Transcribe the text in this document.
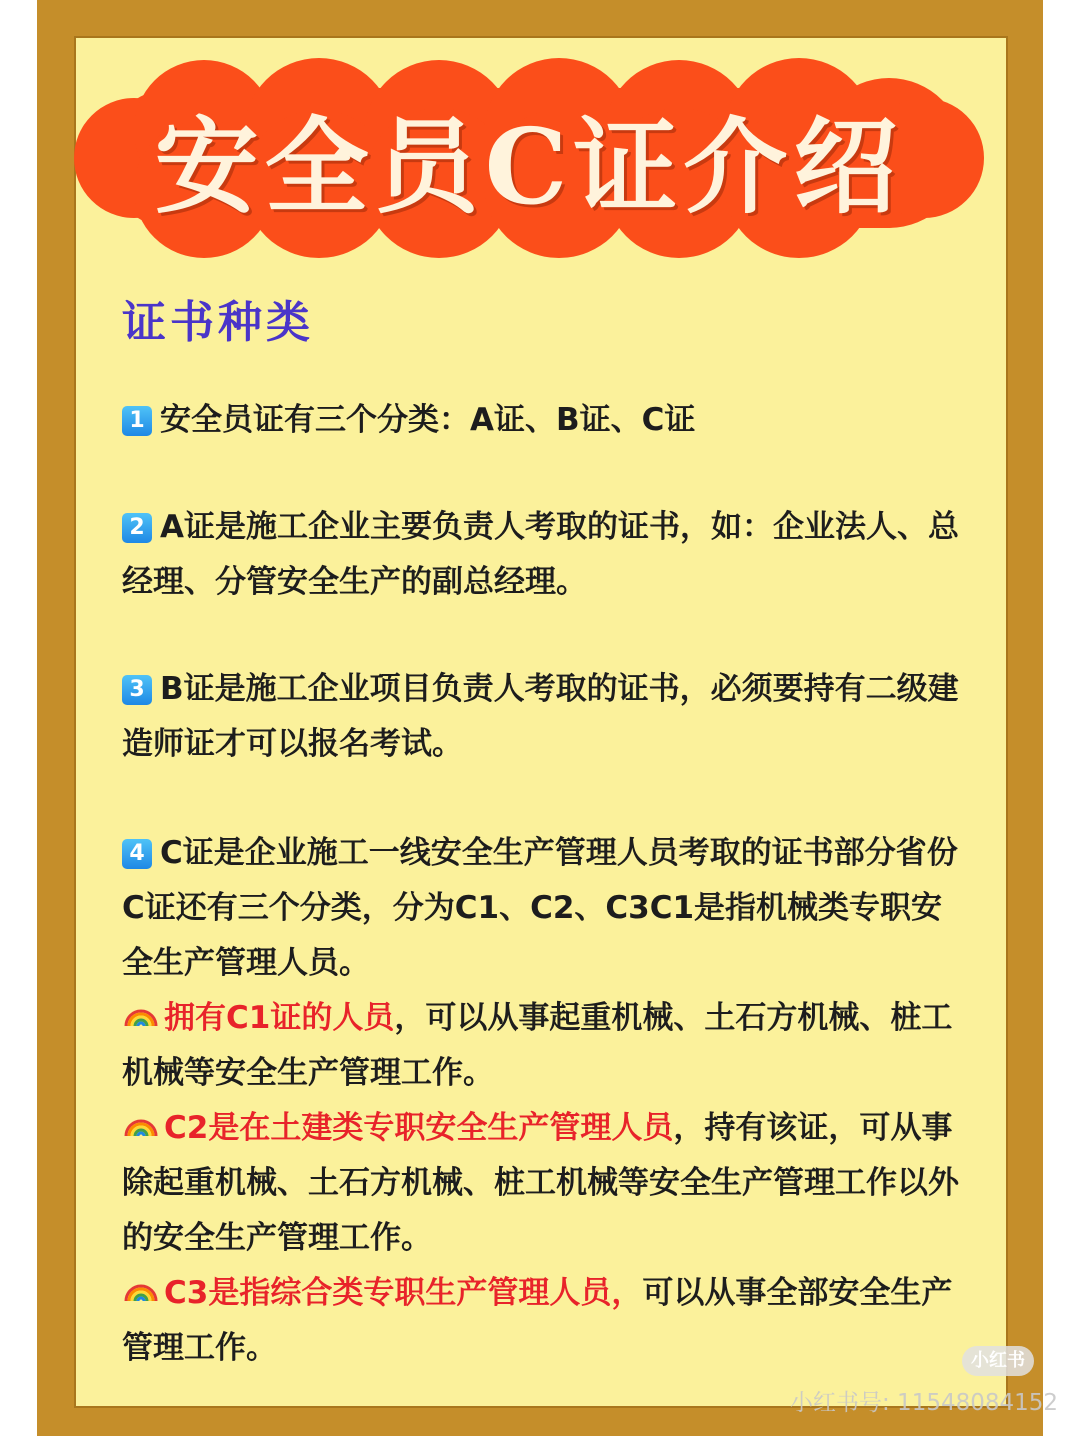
安全员C证介绍
证书种类
1 安全员证有三个分类：A证、B证、C证
2 A证是施工企业主要负责人考取的证书，如：企业法人、总经理、分管安全生产的副总经理。
3 B证是施工企业项目负责人考取的证书，必须要持有二级建造师证才可以报名考试。
4 C证是企业施工一线安全生产管理人员考取的证书部分省份C证还有三个分类，分为C1、C2、C3C1是指机械类专职安全生产管理人员。
拥有C1证的人员，可以从事起重机械、土石方机械、桩工机械等安全生产管理工作。
C2是在土建类专职安全生产管理人员，持有该证，可从事除起重机械、土石方机械、桩工机械等安全生产管理工作以外的安全生产管理工作。
C3是指综合类专职生产管理人员，可以从事全部安全生产管理工作。	小红书
小红书号: 11548084152
